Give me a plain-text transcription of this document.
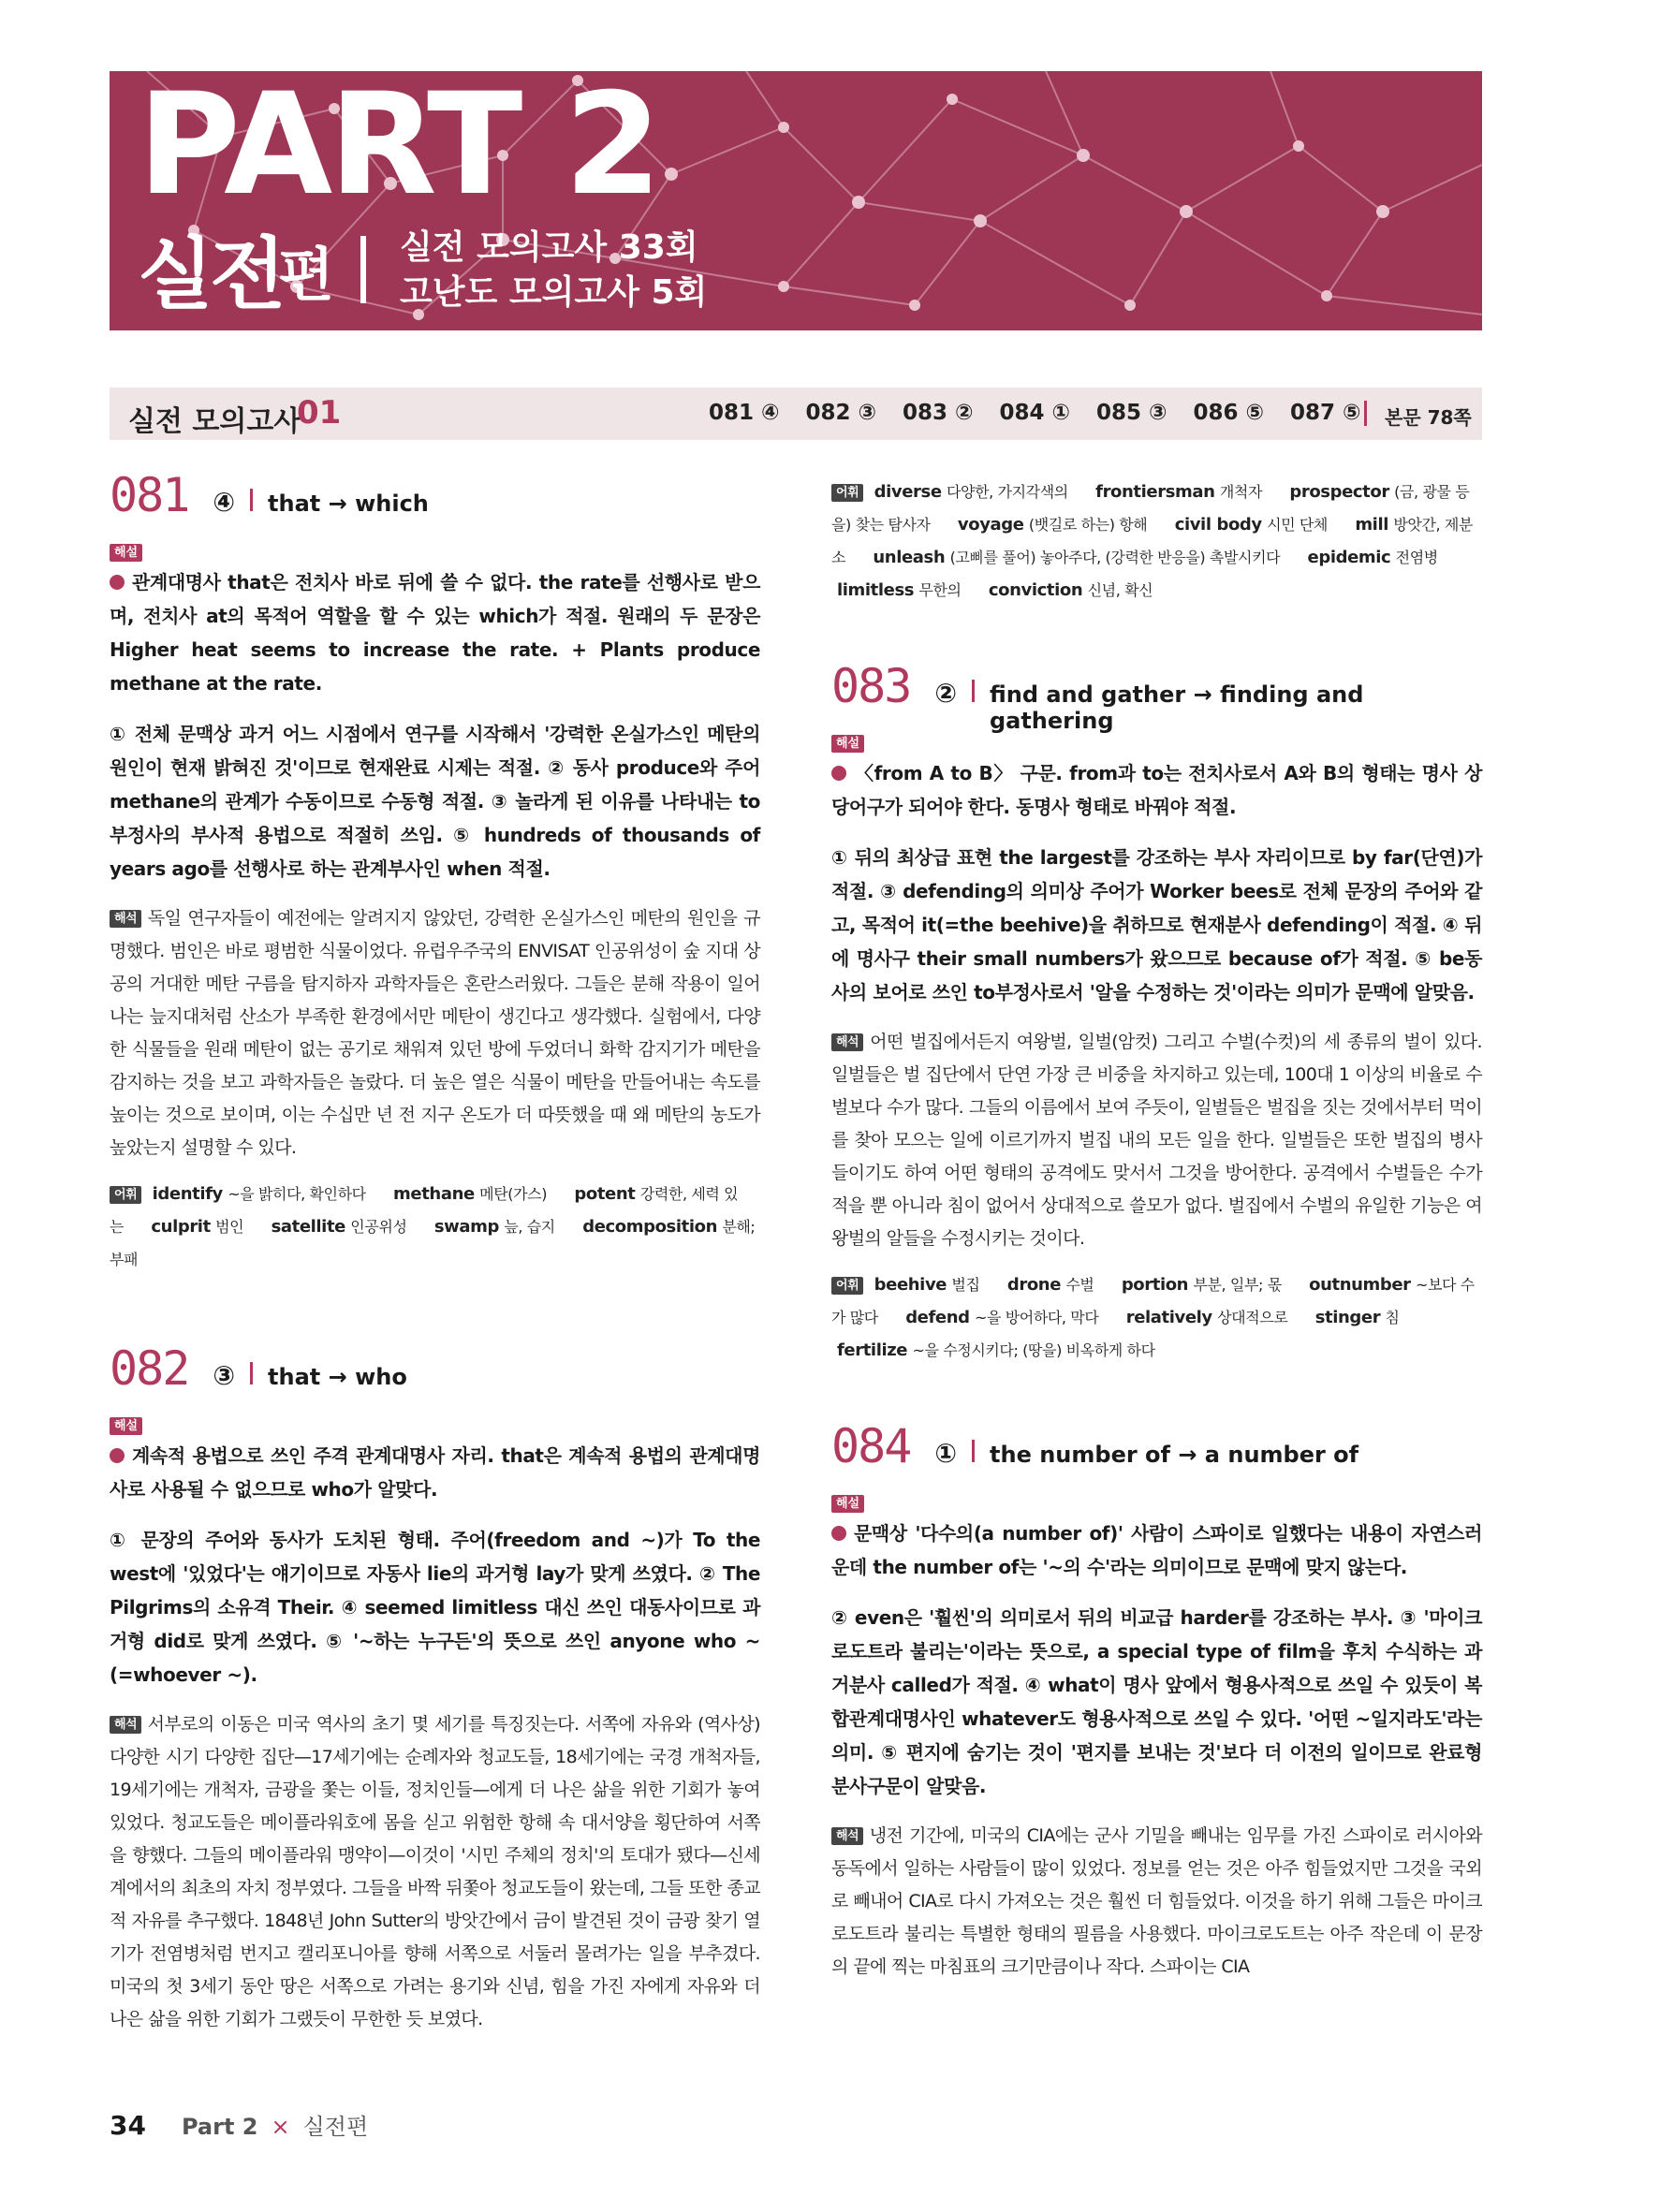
PART 2
실전
편 실전 모의고사 33회
고난도 모의고사 5회
실전 모의고사
01	081 ④ 082 ③ 083 ② 084 ① 085 ③ 086 ⑤ 087 ⑤ 본문 78쪽
081 ④ that → which
해설

관계대명사 that은 전치사 바로 뒤에 쓸 수 없다. the rate를 선행사로 받으며, 전치사 at의 목적어 역할을 할 수 있는 which가 적절. 원래의 두 문장은 Higher heat seems to increase the rate. + Plants produce methane at the rate.

① 전체 문맥상 과거 어느 시점에서 연구를 시작해서 '강력한 온실가스인 메탄의 원인이 현재 밝혀진 것'이므로 현재완료 시제는 적절. ② 동사 produce와 주어 methane의 관계가 수동이므로 수동형 적절. ③ 놀라게 된 이유를 나타내는 to부정사의 부사적 용법으로 적절히 쓰임. ⑤ hundreds of thousands of years ago를 선행사로 하는 관계부사인 when 적절.

해석 독일 연구자들이 예전에는 알려지지 않았던, 강력한 온실가스인 메탄의 원인을 규명했다. 범인은 바로 평범한 식물이었다. 유럽우주국의 ENVISAT 인공위성이 숲 지대 상공의 거대한 메탄 구름을 탐지하자 과학자들은 혼란스러웠다. 그들은 분해 작용이 일어나는 늪지대처럼 산소가 부족한 환경에서만 메탄이 생긴다고 생각했다. 실험에서, 다양한 식물들을 원래 메탄이 없는 공기로 채워져 있던 방에 두었더니 화학 감지기가 메탄을 감지하는 것을 보고 과학자들은 놀랐다. 더 높은 열은 식물이 메탄을 만들어내는 속도를 높이는 것으로 보이며, 이는 수십만 년 전 지구 온도가 더 따뜻했을 때 왜 메탄의 농도가 높았는지 설명할 수 있다.

어휘 identify ~을 밝히다, 확인하다 methane 메탄(가스) potent 강력한, 세력 있는 culprit 범인 satellite 인공위성 swamp 늪, 습지 decomposition 분해; 부패

082 ③ that → who
해설

계속적 용법으로 쓰인 주격 관계대명사 자리. that은 계속적 용법의 관계대명사로 사용될 수 없으므로 who가 알맞다.

① 문장의 주어와 동사가 도치된 형태. 주어(freedom and ~)가 To the west에 '있었다'는 얘기이므로 자동사 lie의 과거형 lay가 맞게 쓰였다. ② The Pilgrims의 소유격 Their. ④ seemed limitless 대신 쓰인 대동사이므로 과거형 did로 맞게 쓰였다. ⑤ '~하는 누구든'의 뜻으로 쓰인 anyone who ~(=whoever ~).

해석 서부로의 이동은 미국 역사의 초기 몇 세기를 특징짓는다. 서쪽에 자유와 (역사상) 다양한 시기 다양한 집단—17세기에는 순례자와 청교도들, 18세기에는 국경 개척자들, 19세기에는 개척자, 금광을 쫓는 이들, 정치인들—에게 더 나은 삶을 위한 기회가 놓여 있었다. 청교도들은 메이플라워호에 몸을 싣고 위험한 항해 속 대서양을 횡단하여 서쪽을 향했다. 그들의 메이플라워 맹약이—이것이 '시민 주체의 정치'의 토대가 됐다—신세계에서의 최초의 자치 정부였다. 그들을 바짝 뒤쫓아 청교도들이 왔는데, 그들 또한 종교적 자유를 추구했다. 1848년 John Sutter의 방앗간에서 금이 발견된 것이 금광 찾기 열기가 전염병처럼 번지고 캘리포니아를 향해 서쪽으로 서둘러 몰려가는 일을 부추겼다. 미국의 첫 3세기 동안 땅은 서쪽으로 가려는 용기와 신념, 힘을 가진 자에게 자유와 더 나은 삶을 위한 기회가 그랬듯이 무한한 듯 보였다.

어휘 diverse 다양한, 가지각색의 frontiersman 개척자 prospector (금, 광물 등을) 찾는 탐사자 voyage (뱃길로 하는) 항해 civil body 시민 단체 mill 방앗간, 제분소 unleash (고삐를 풀어) 놓아주다, (강력한 반응을) 촉발시키다 epidemic 전염병 limitless 무한의 conviction 신념, 확신

083 ② find and gather → finding and gathering
해설

〈from A to B〉 구문. from과 to는 전치사로서 A와 B의 형태는 명사 상당어구가 되어야 한다. 동명사 형태로 바꿔야 적절.

① 뒤의 최상급 표현 the largest를 강조하는 부사 자리이므로 by far(단연)가 적절. ③ defending의 의미상 주어가 Worker bees로 전체 문장의 주어와 같고, 목적어 it(=the beehive)을 취하므로 현재분사 defending이 적절. ④ 뒤에 명사구 their small numbers가 왔으므로 because of가 적절. ⑤ be동사의 보어로 쓰인 to부정사로서 '알을 수정하는 것'이라는 의미가 문맥에 알맞음.

해석 어떤 벌집에서든지 여왕벌, 일벌(암컷) 그리고 수벌(수컷)의 세 종류의 벌이 있다. 일벌들은 벌 집단에서 단연 가장 큰 비중을 차지하고 있는데, 100대 1 이상의 비율로 수벌보다 수가 많다. 그들의 이름에서 보여 주듯이, 일벌들은 벌집을 짓는 것에서부터 먹이를 찾아 모으는 일에 이르기까지 벌집 내의 모든 일을 한다. 일벌들은 또한 벌집의 병사들이기도 하여 어떤 형태의 공격에도 맞서서 그것을 방어한다. 공격에서 수벌들은 수가 적을 뿐 아니라 침이 없어서 상대적으로 쓸모가 없다. 벌집에서 수벌의 유일한 기능은 여왕벌의 알들을 수정시키는 것이다.

어휘 beehive 벌집 drone 수벌 portion 부분, 일부; 몫 outnumber ~보다 수가 많다 defend ~을 방어하다, 막다 relatively 상대적으로 stinger 침 fertilize ~을 수정시키다; (땅을) 비옥하게 하다

084 ① the number of → a number of
해설

문맥상 '다수의(a number of)' 사람이 스파이로 일했다는 내용이 자연스러운데 the number of는 '~의 수'라는 의미이므로 문맥에 맞지 않는다.

② even은 '훨씬'의 의미로서 뒤의 비교급 harder를 강조하는 부사. ③ '마이크로도트라 불리는'이라는 뜻으로, a special type of film을 후치 수식하는 과거분사 called가 적절. ④ what이 명사 앞에서 형용사적으로 쓰일 수 있듯이 복합관계대명사인 whatever도 형용사적으로 쓰일 수 있다. '어떤 ~일지라도'라는 의미. ⑤ 편지에 숨기는 것이 '편지를 보내는 것'보다 더 이전의 일이므로 완료형 분사구문이 알맞음.

해석 냉전 기간에, 미국의 CIA에는 군사 기밀을 빼내는 임무를 가진 스파이로 러시아와 동독에서 일하는 사람들이 많이 있었다. 정보를 얻는 것은 아주 힘들었지만 그것을 국외로 빼내어 CIA로 다시 가져오는 것은 훨씬 더 힘들었다. 이것을 하기 위해 그들은 마이크로도트라 불리는 특별한 형태의 필름을 사용했다. 마이크로도트는 아주 작은데 이 문장의 끝에 찍는 마침표의 크기만큼이나 작다. 스파이는 CIA

34 Part 2 × 실전편
